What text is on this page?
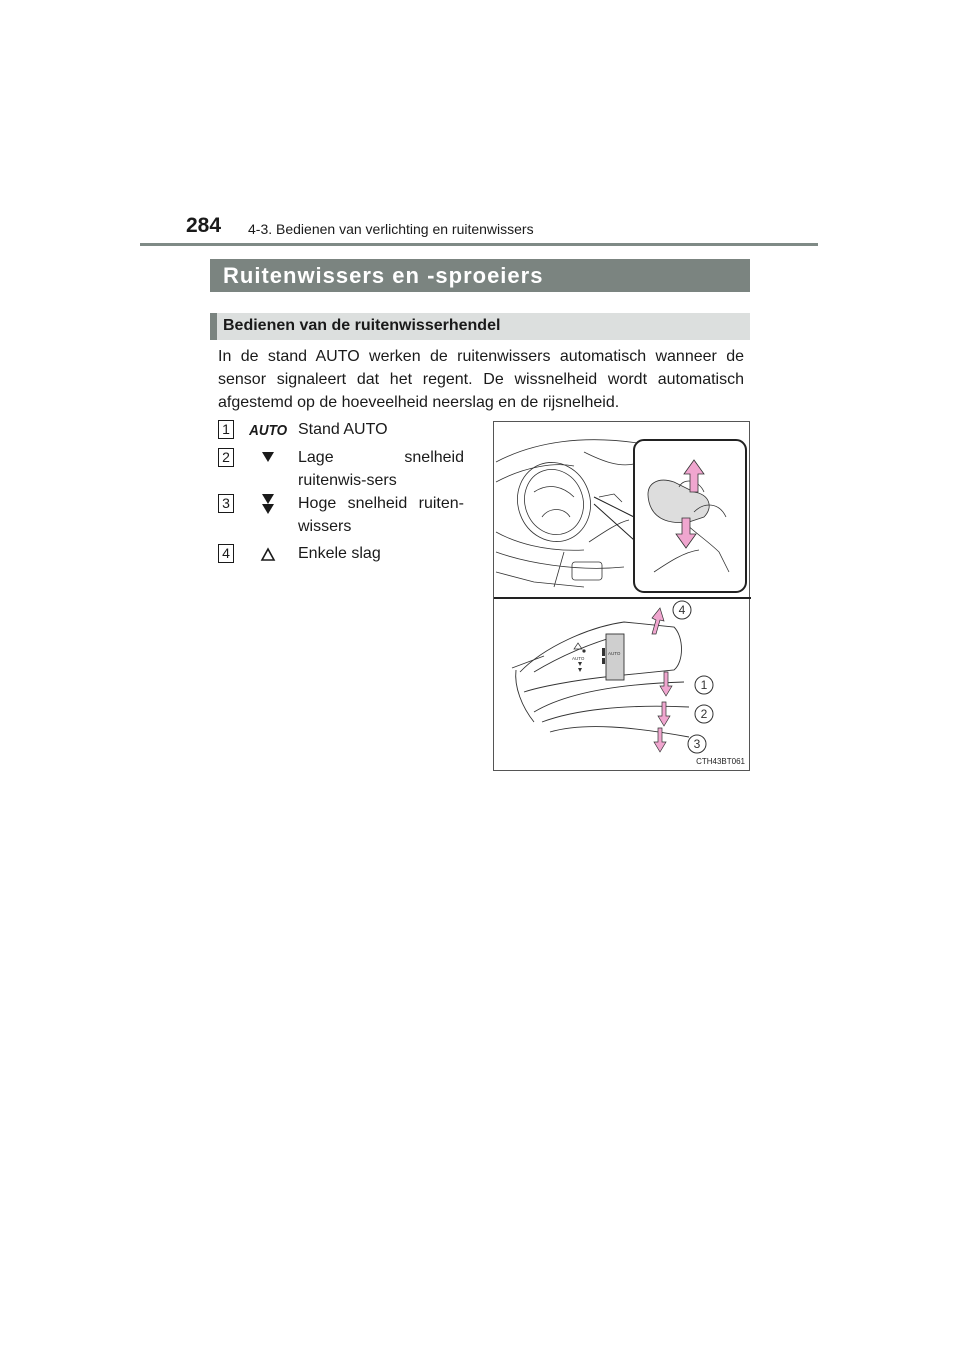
284 4-3. Bedienen van verlichting en ruitenwissers
Ruitenwissers en -sproeiers
Bedienen van de ruitenwisserhendel
In de stand AUTO werken de ruitenwissers automatisch wanneer de sensor signaleert dat het regent. De wissnelheid wordt automatisch afgestemd op de hoeveelheid neerslag en de rijsnelheid.
1 AUTO Stand AUTO
2	Lage snelheid ruitenwis-sers
3	Hoge snelheid ruiten-wissers
4	Enkele slag
AUTO
AUTO
4
1
2
3
CTH43BT061
